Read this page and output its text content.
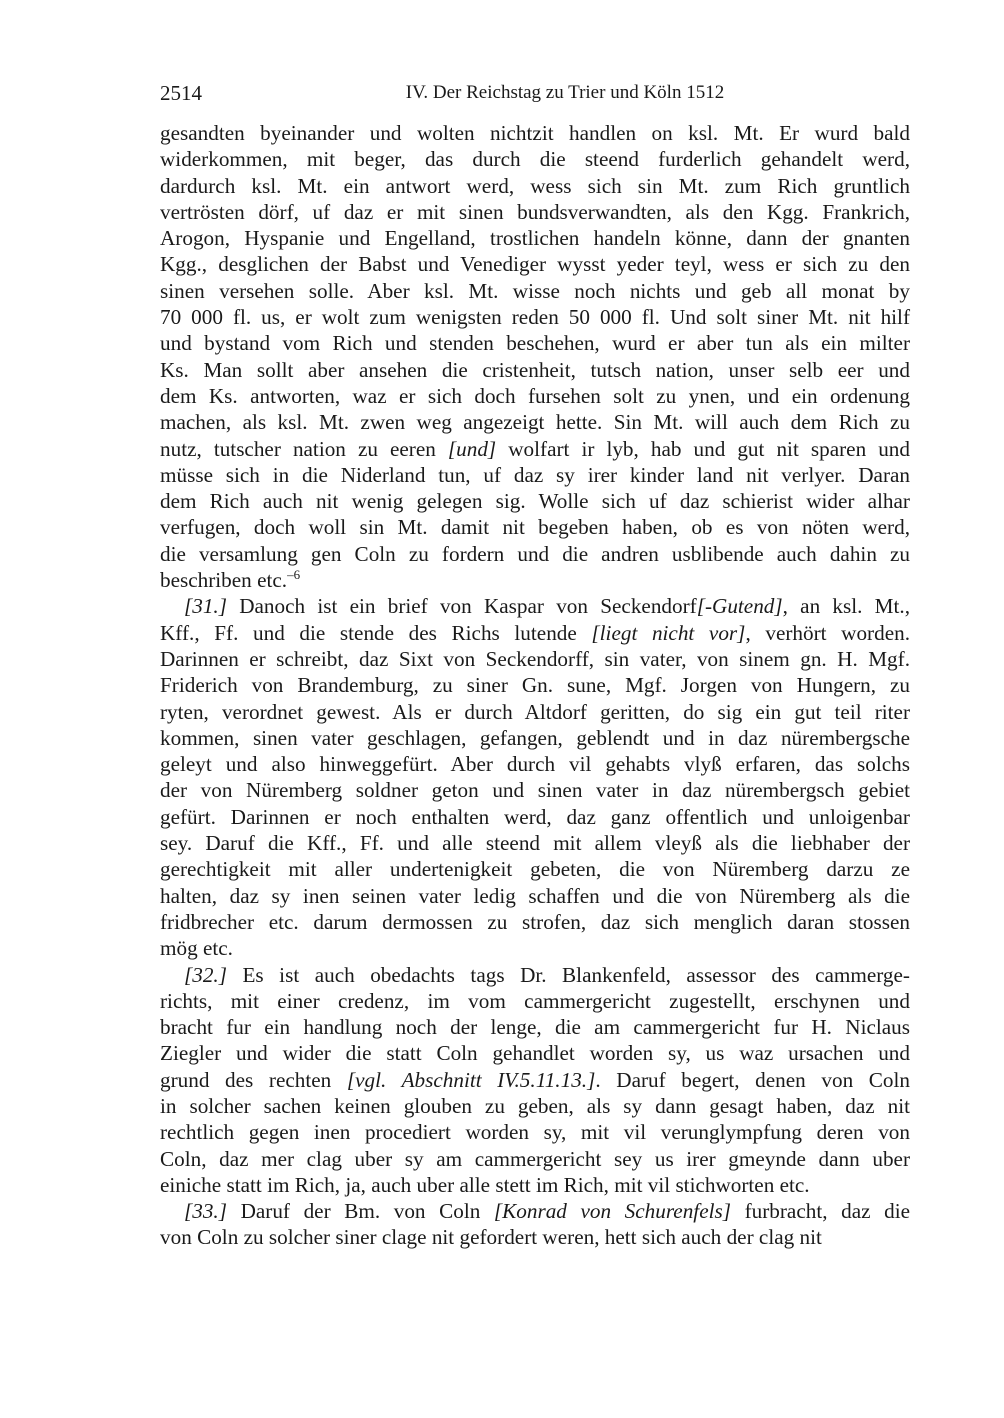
2514	IV. Der Reichstag zu Trier und Köln 1512
gesandten byeinander und wolten nichtzit handlen on ksl. Mt. Er wurd bald
widerkommen, mit beger, das durch die steend furderlich gehandelt werd,
dardurch ksl. Mt. ein antwort werd, wess sich sin Mt. zum Rich gruntlich
vertrösten dörf, uf daz er mit sinen bundsverwandten, als den Kgg. Frankrich,
Arogon, Hyspanie und Engelland, trostlichen handeln könne, dann der gnanten
Kgg., desglichen der Babst und Venediger wysst yeder teyl, wess er sich zu den
sinen versehen solle. Aber ksl. Mt. wisse noch nichts und geb all monat by
70 000 fl. us, er wolt zum wenigsten reden 50 000 fl. Und solt siner Mt. nit hilf
und bystand vom Rich und stenden beschehen, wurd er aber tun als ein milter
Ks. Man sollt aber ansehen die cristenheit, tutsch nation, unser selb eer und
dem Ks. antworten, waz er sich doch fursehen solt zu ynen, und ein ordenung
machen, als ksl. Mt. zwen weg angezeigt hette. Sin Mt. will auch dem Rich zu
nutz, tutscher nation zu eeren [und] wolfart ir lyb, hab und gut nit sparen und
müsse sich in die Niderland tun, uf daz sy irer kinder land nit verlyer. Daran
dem Rich auch nit wenig gelegen sig. Wolle sich uf daz schierist wider alhar
verfugen, doch woll sin Mt. damit nit begeben haben, ob es von nöten werd,
die versamlung gen Coln zu fordern und die andren usblibende auch dahin zu
beschriben etc.$^{-6}$
[31.] Danoch ist ein brief von Kaspar von Seckendorf[-Gutend], an ksl. Mt.,
Kff., Ff. und die stende des Richs lutende [liegt nicht vor], verhört worden.
Darinnen er schreibt, daz Sixt von Seckendorff, sin vater, von sinem gn. H. Mgf.
Friderich von Brandemburg, zu siner Gn. sune, Mgf. Jorgen von Hungern, zu
ryten, verordnet gewest. Als er durch Altdorf geritten, do sig ein gut teil riter
kommen, sinen vater geschlagen, gefangen, geblendt und in daz nürembergsche
geleyt und also hinweggefürt. Aber durch vil gehabts vlyß erfaren, das solchs
der von Nüremberg soldner geton und sinen vater in daz nürembergsch gebiet
gefürt. Darinnen er noch enthalten werd, daz ganz offentlich und unloigenbar
sey. Daruf die Kff., Ff. und alle steend mit allem vleyß als die liebhaber der
gerechtigkeit mit aller undertenigkeit gebeten, die von Nüremberg darzu ze
halten, daz sy inen seinen vater ledig schaffen und die von Nüremberg als die
fridbrecher etc. darum dermossen zu strofen, daz sich menglich daran stossen
mög etc.
[32.] Es ist auch obedachts tags Dr. Blankenfeld, assessor des cammerge-
richts, mit einer credenz, im vom cammergericht zugestellt, erschynen und
bracht fur ein handlung noch der lenge, die am cammergericht fur H. Niclaus
Ziegler und wider die statt Coln gehandlet worden sy, us waz ursachen und
grund des rechten [vgl. Abschnitt IV.5.11.13.]. Daruf begert, denen von Coln
in solcher sachen keinen glouben zu geben, als sy dann gesagt haben, daz nit
rechtlich gegen inen procediert worden sy, mit vil verunglympfung deren von
Coln, daz mer clag uber sy am cammergericht sey us irer gmeynde dann uber
einiche statt im Rich, ja, auch uber alle stett im Rich, mit vil stichworten etc.
[33.] Daruf der Bm. von Coln [Konrad von Schurenfels] furbracht, daz die
von Coln zu solcher siner clage nit gefordert weren, hett sich auch der clag nit
